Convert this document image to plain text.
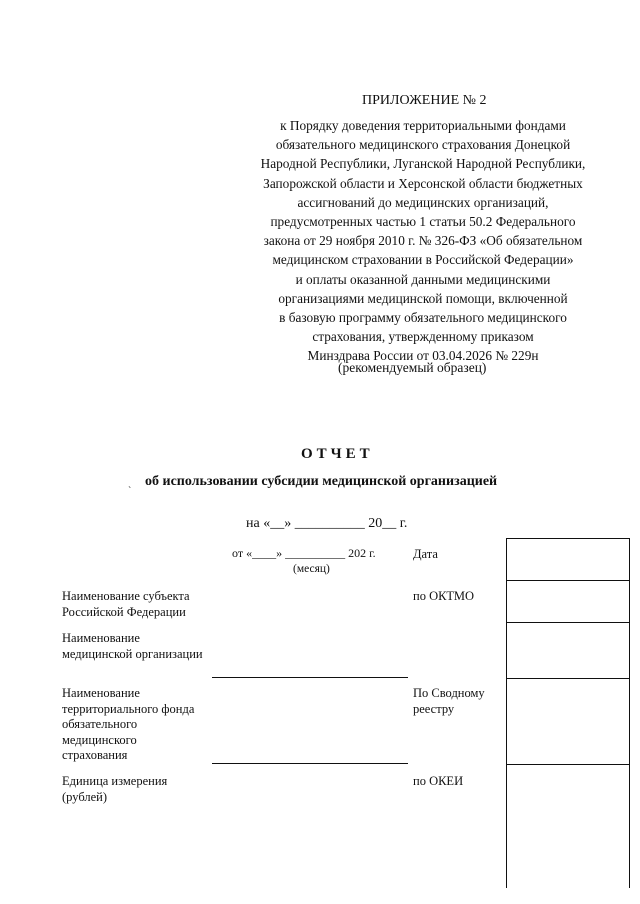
ПРИЛОЖЕНИЕ № 2
к Порядку доведения территориальными фондами
обязательного медицинского страхования Донецкой
Народной Республики, Луганской Народной Республики,
Запорожской области и Херсонской области бюджетных
ассигнований до медицинских организаций,
предусмотренных частью 1 статьи 50.2 Федерального
закона от 29 ноября 2010 г. № 326-ФЗ «Об обязательном
медицинском страховании в Российской Федерации»
и оплаты оказанной данными медицинскими
организациями медицинской помощи, включенной
в базовую программу обязательного медицинского
страхования, утвержденному приказом
Минздрава России от 03.04.2026 № 229н
(рекомендуемый образец)
ОТЧЕТ
об использовании субсидии медицинской организацией
`
на «__» __________ 20__ г.
от «____» __________ 202 г.
(месяц)
Наименование субъекта
Российской Федерации
Наименование
медицинской организации
Наименование
территориального фонда
обязательного
медицинского
страхования
Единица измерения
(рублей)
Дата
по ОКТМО
По Сводному
реестру
по ОКЕИ
